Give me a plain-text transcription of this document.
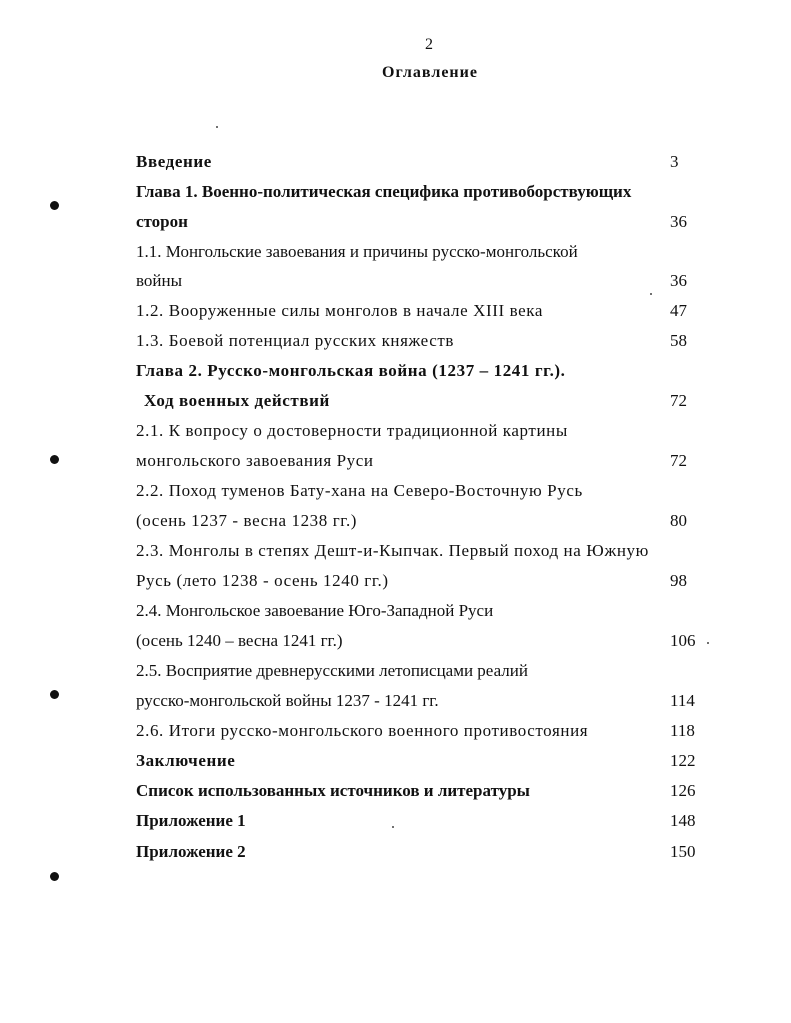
2
Оглавление
Введение	3
Глава 1. Военно-политическая специфика противоборствующих
сторон	36
1.1. Монгольские завоевания и причины русско-монгольской
войны	36
1.2. Вооруженные силы монголов в начале XIII века	47
1.3. Боевой потенциал русских княжеств	58
Глава 2. Русско-монгольская война (1237 – 1241 гг.).
Ход военных действий	72
2.1. К вопросу о достоверности традиционной картины
монгольского завоевания Руси	72
2.2. Поход туменов Бату-хана на Северо-Восточную Русь
(осень 1237 - весна 1238 гг.)	80
2.3. Монголы в степях Дешт-и-Кыпчак. Первый поход на Южную
Русь (лето 1238 - осень 1240 гг.)	98
2.4. Монгольское завоевание Юго-Западной Руси
(осень 1240 – весна 1241 гг.)	106
2.5. Восприятие древнерусскими летописцами реалий
русско-монгольской войны 1237 - 1241 гг.	114
2.6. Итоги русско-монгольского военного противостояния	118
Заключение	122
Список использованных источников и литературы	126
Приложение 1	148
Приложение 2	150
